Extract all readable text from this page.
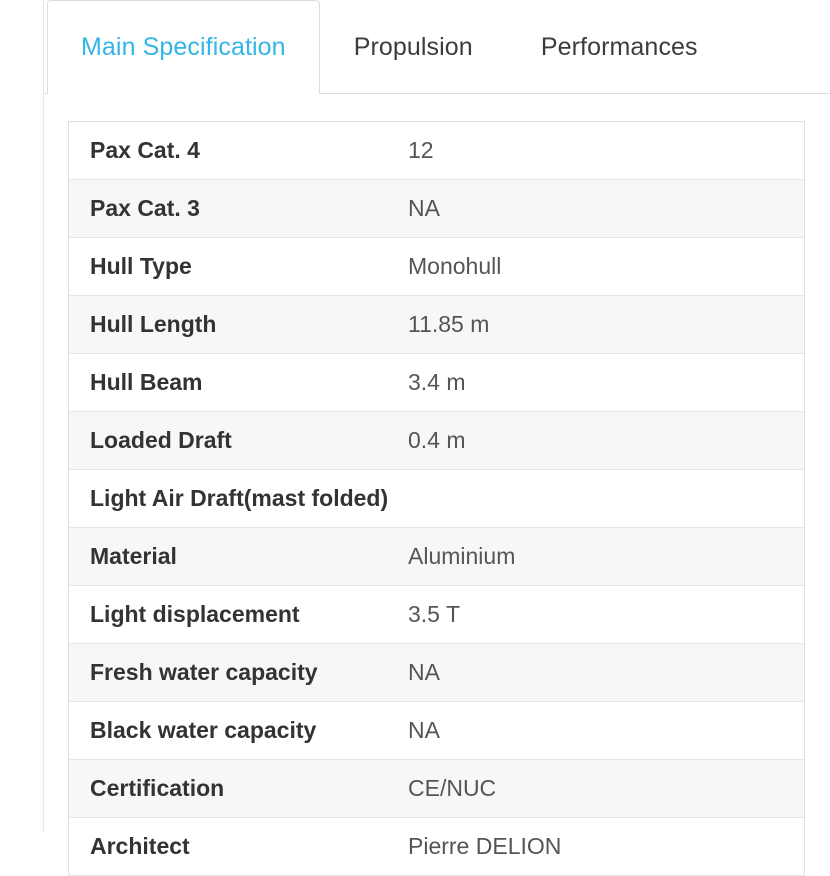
Main Specification	Propulsion	Performances
Pax Cat. 4	12
Pax Cat. 3	NA
Hull Type	Monohull
Hull Length	11.85 m
Hull Beam	3.4 m
Loaded Draft	0.4 m
Light Air Draft(mast folded)	
Material	Aluminium
Light displacement	3.5 T
Fresh water capacity	NA
Black water capacity	NA
Certification	CE/NUC
Architect	Pierre DELION
